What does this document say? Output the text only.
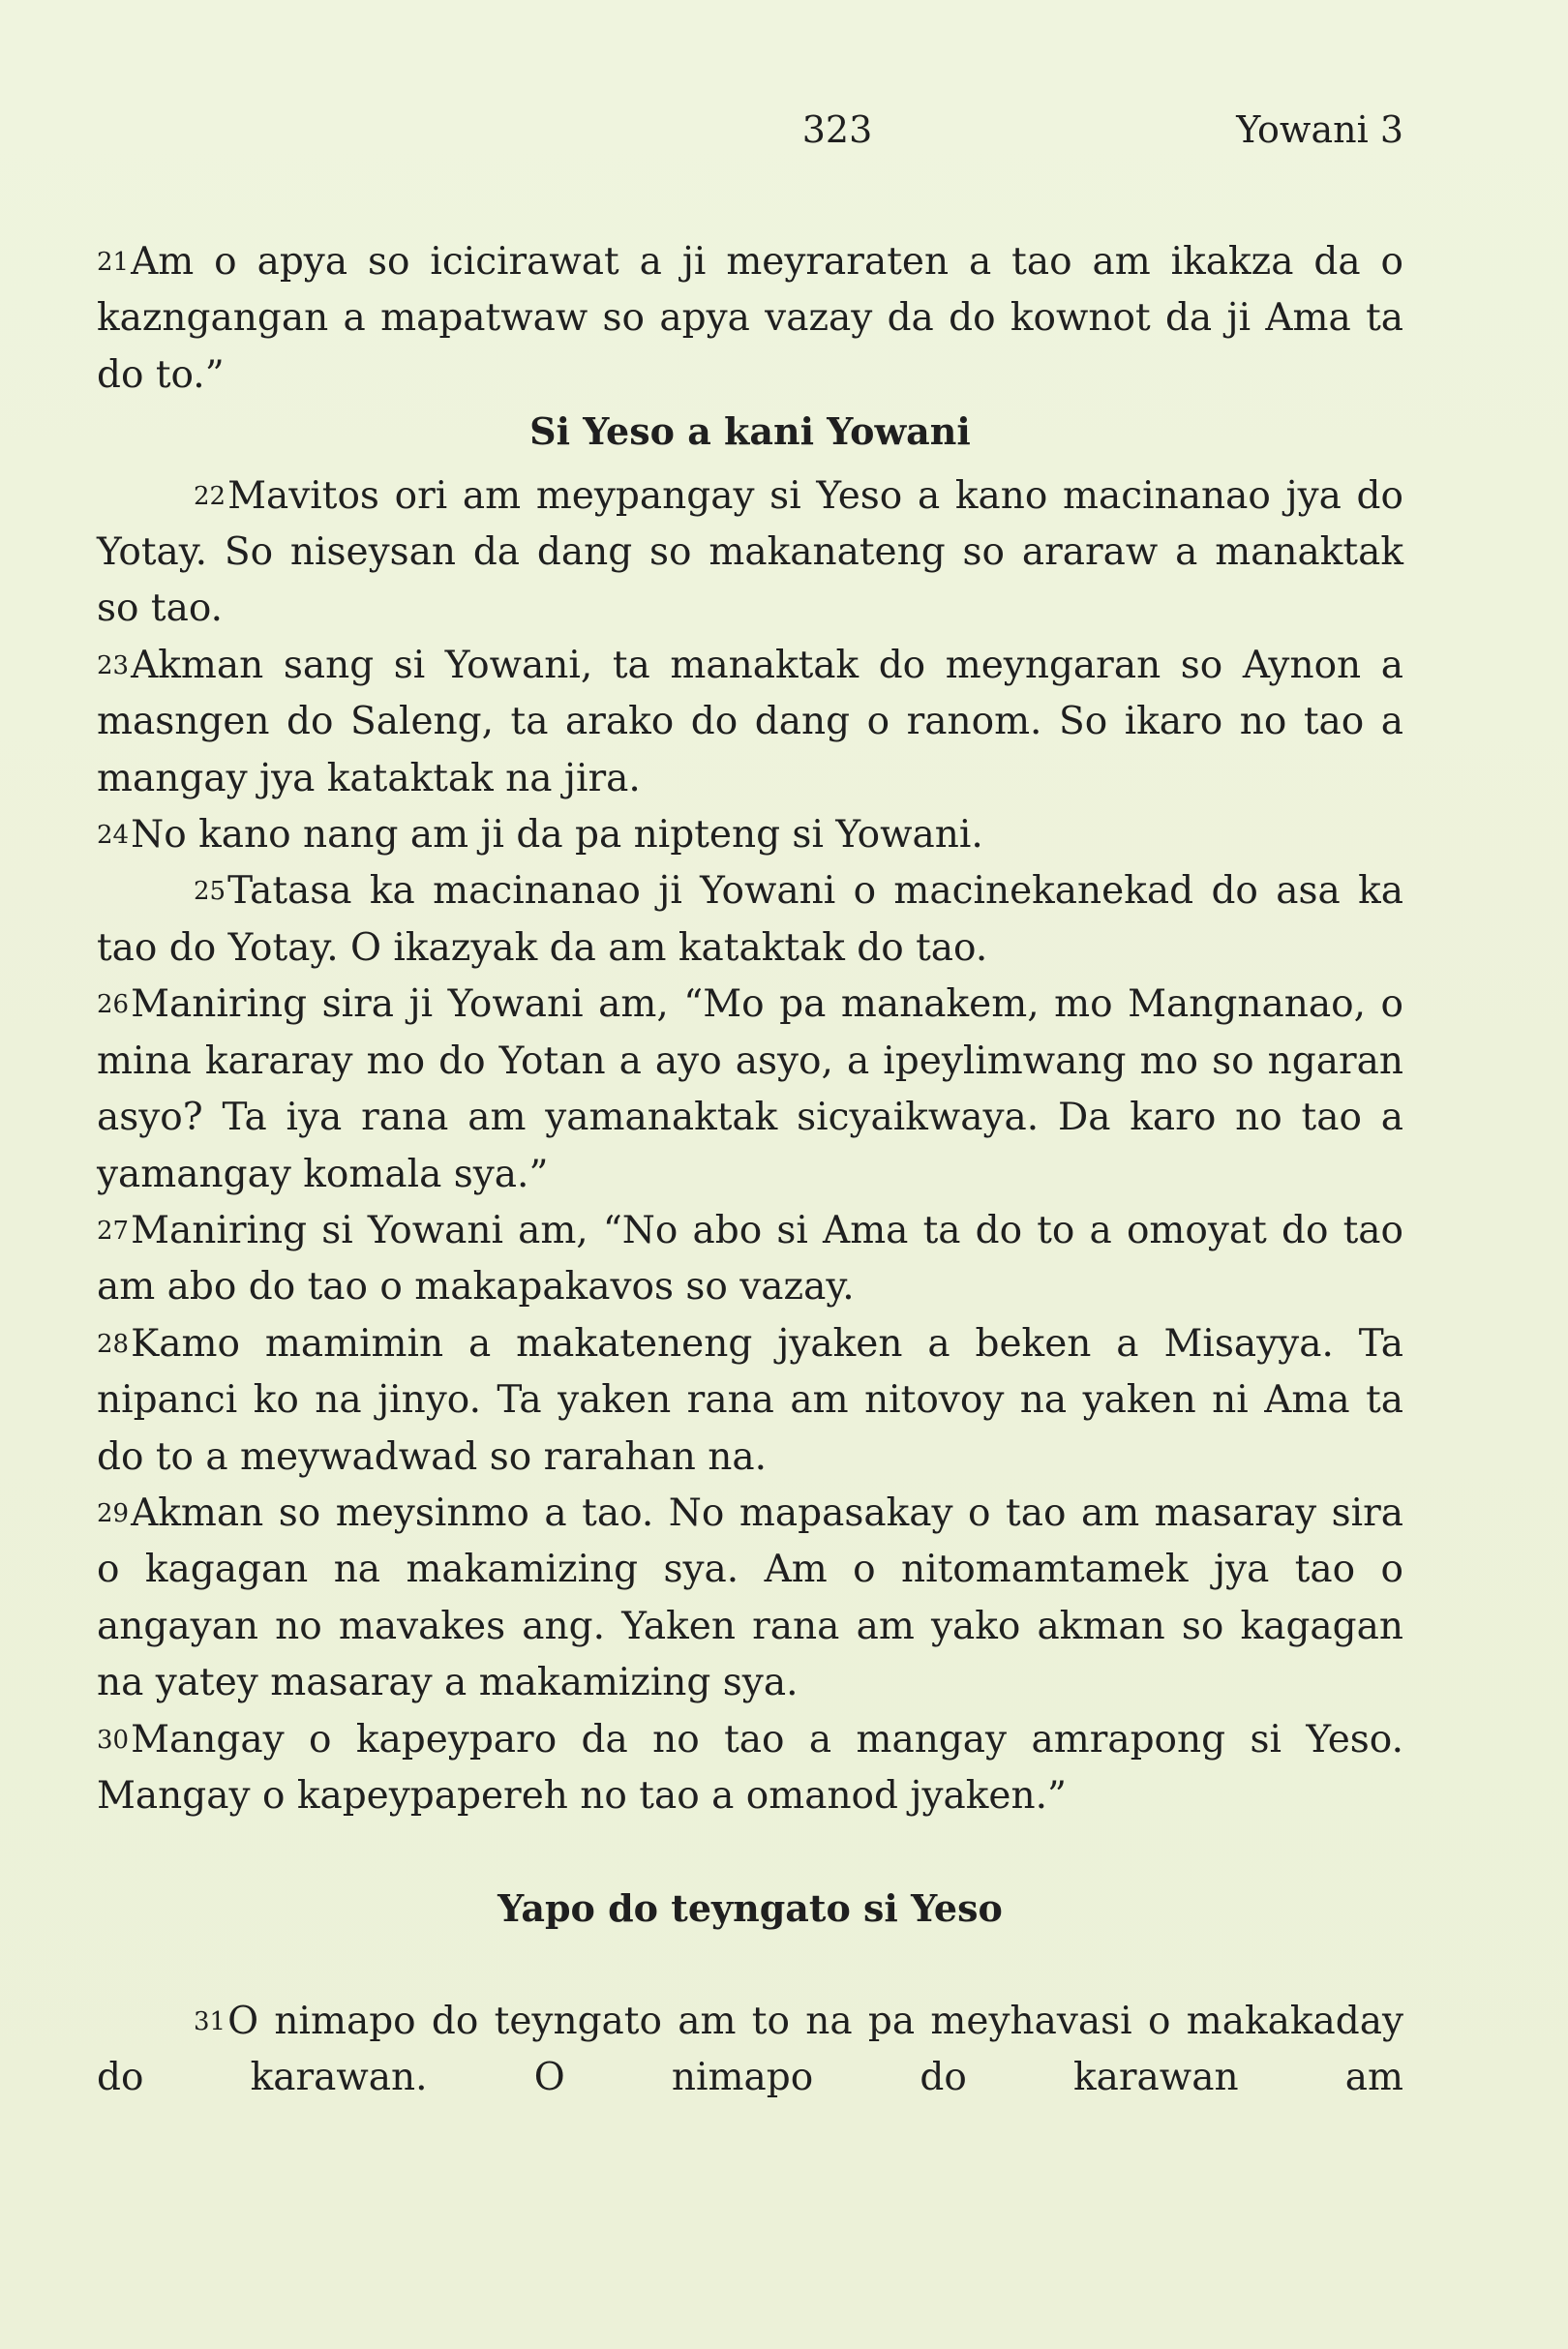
323	Yowani 3

21Am o apya so icicirawat a ji meyraraten a tao am ikakza da o kazngangan a mapatwaw so apya vazay da do kownot da ji Ama ta do to.”

Si Yeso a kani Yowani

22Mavitos ori am meypangay si Yeso a kano macinanao jya do Yotay. So niseysan da dang so makanateng so araraw a manaktak so tao.

23Akman sang si Yowani, ta manaktak do meyngaran so Aynon a masngen do Saleng, ta arako do dang o ranom. So ikaro no tao a mangay jya kataktak na jira.

24No kano nang am ji da pa nipteng si Yowani.

25Tatasa ka macinanao ji Yowani o macinekanekad do asa ka tao do Yotay. O ikazyak da am kataktak do tao.

26Maniring sira ji Yowani am, “Mo pa manakem, mo Mangnanao, o mina kararay mo do Yotan a ayo asyo, a ipeylimwang mo so ngaran asyo? Ta iya rana am yamanaktak sicyaikwaya. Da karo no tao a yamangay komala sya.”

27Maniring si Yowani am, “No abo si Ama ta do to a omoyat do tao am abo do tao o makapakavos so vazay.

28Kamo mamimin a makateneng jyaken a beken a Misayya. Ta nipanci ko na jinyo. Ta yaken rana am nitovoy na yaken ni Ama ta do to a meywadwad so rarahan na.

29Akman so meysinmo a tao. No mapasakay o tao am masaray sira o kagagan na makamizing sya. Am o nitomamtamek jya tao o angayan no mavakes ang. Yaken rana am yako akman so kagagan na yatey masaray a makamizing sya.

30Mangay o kapeyparo da no tao a mangay amrapong si Yeso. Mangay o kapeypapereh no tao a omanod jyaken.”

Yapo do teyngato si Yeso

31O nimapo do teyngato am to na pa meyhavasi o makakaday do karawan. O nimapo do karawan am
